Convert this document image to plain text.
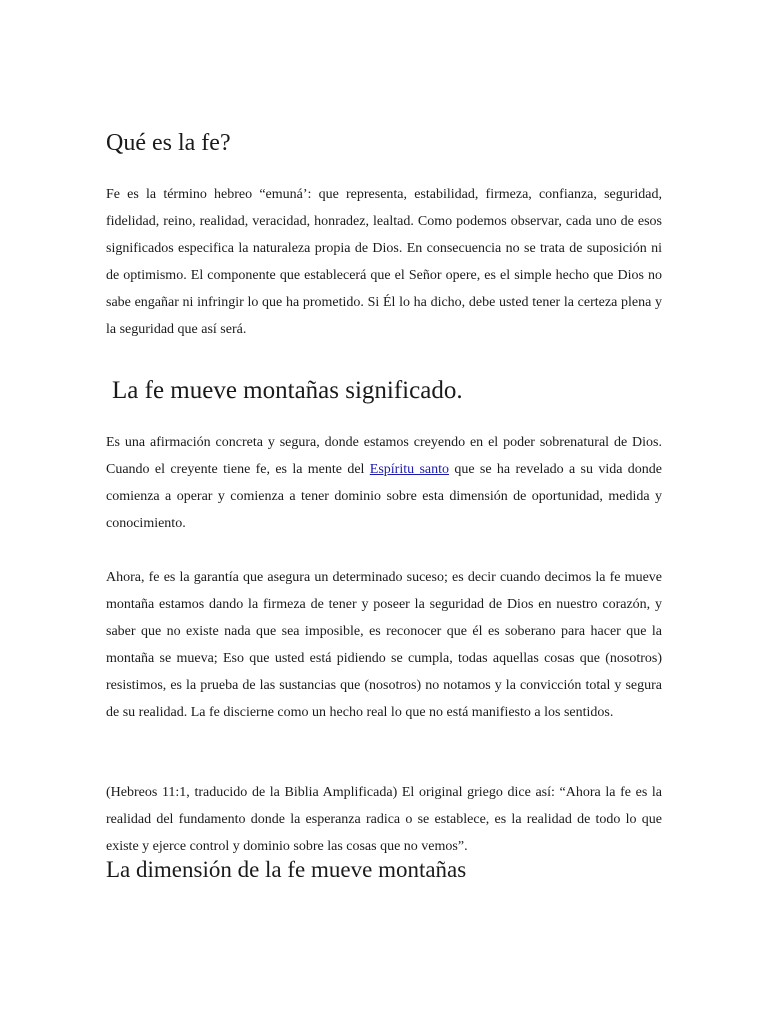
Qué es la fe?

Fe es la término hebreo “emuná’: que representa, estabilidad, firmeza, confianza, seguridad, fidelidad, reino, realidad, veracidad, honradez, lealtad. Como podemos observar, cada uno de esos significados especifica la naturaleza propia de Dios. En consecuencia no se trata de suposición ni de optimismo. El componente que establecerá que el Señor opere, es el simple hecho que Dios no sabe engañar ni infringir lo que ha prometido. Si Él lo ha dicho, debe usted tener la certeza plena y la seguridad que así será.

La fe mueve montañas significado.

Es una afirmación concreta y segura, donde estamos creyendo en el poder sobrenatural de Dios. Cuando el creyente tiene fe, es la mente del Espíritu santo que se ha revelado a su vida donde comienza a operar y comienza a tener dominio sobre esta dimensión de oportunidad, medida y conocimiento.

Ahora, fe es la garantía que asegura un determinado suceso; es decir cuando decimos la fe mueve montaña estamos dando la firmeza de tener y poseer la seguridad de Dios en nuestro corazón, y saber que no existe nada que sea imposible, es reconocer que él es soberano para hacer que la montaña se mueva; Eso que usted está pidiendo se cumpla, todas aquellas cosas que (nosotros) resistimos, es la prueba de las sustancias que (nosotros) no notamos y la convicción total y segura de su realidad. La fe discierne como un hecho real lo que no está manifiesto a los sentidos.

(Hebreos 11:1, traducido de la Biblia Amplificada) El original griego dice así: “Ahora la fe es la realidad del fundamento donde la esperanza radica o se establece, es la realidad de todo lo que existe y ejerce control y dominio sobre las cosas que no vemos”.

La dimensión de la fe mueve montañas
